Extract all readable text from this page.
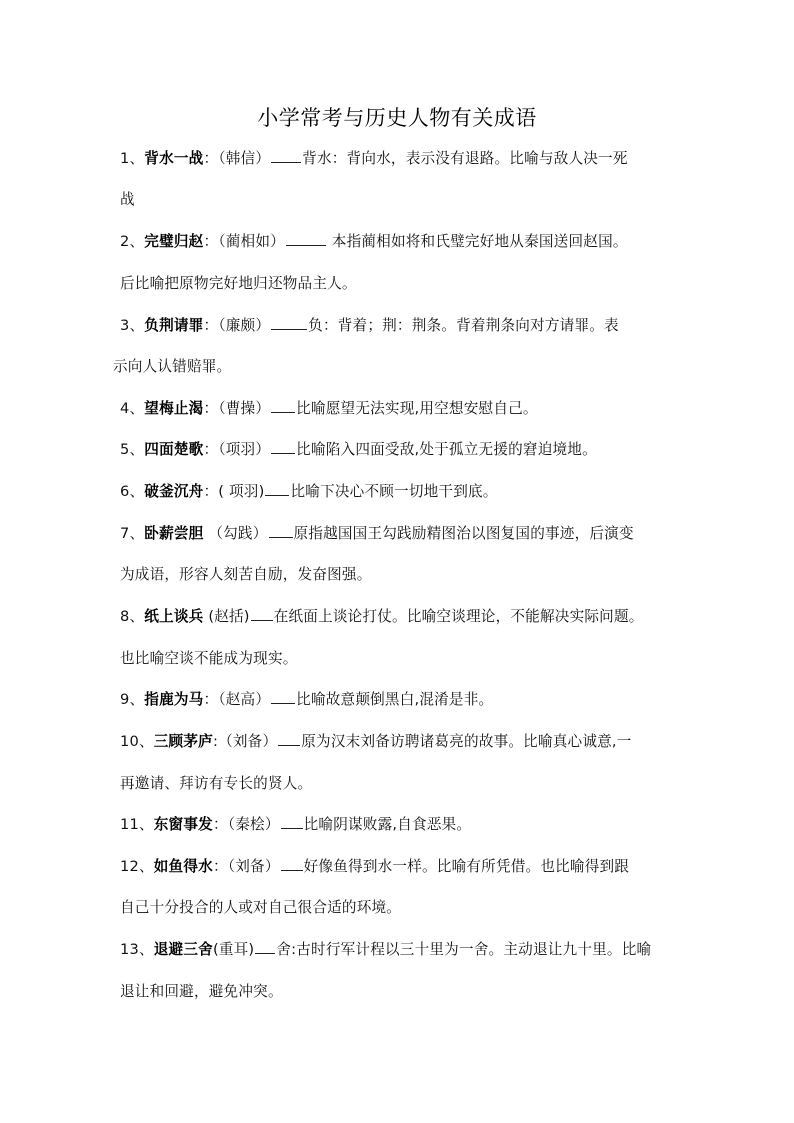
小学常考与历史人物有关成语
1、背水一战：（韩信） 背水：背向水，表示没有退路。比喻与敌人决一死
战
2、完璧归赵：（蔺相如）	本指蔺相如将和氏璧完好地从秦国送回赵国。
后比喻把原物完好地归还物品主人。
3、负荆请罪：（廉颇）	负：背着；荆：荆条。背着荆条向对方请罪。表
示向人认错赔罪。
4、望梅止渴：（曹操） 比喻愿望无法实现,用空想安慰自己。
5、四面楚歌：（项羽） 比喻陷入四面受敌,处于孤立无援的窘迫境地。
6、破釜沉舟：( 项羽) 比喻下决心不顾一切地干到底。
7、卧薪尝胆 （勾践） 原指越国国王勾践励精图治以图复国的事迹，后演变
为成语，形容人刻苦自励，发奋图强。
8、纸上谈兵 (赵括) 在纸面上谈论打仗。比喻空谈理论，不能解决实际问题。
也比喻空谈不能成为现实。
9、指鹿为马：（赵高） 比喻故意颠倒黑白,混淆是非。
10、三顾茅庐:（刘备） 原为汉末刘备访聘诸葛亮的故事。比喻真心诚意,一
再邀请、拜访有专长的贤人。
11、东窗事发：（秦桧） 比喻阴谋败露,自食恶果。
12、如鱼得水：（刘备） 好像鱼得到水一样。比喻有所凭借。也比喻得到跟
自己十分投合的人或对自己很合适的环境。
13、退避三舍(重耳) 舍:古时行军计程以三十里为一舍。主动退让九十里。比喻
退让和回避，避免冲突。
